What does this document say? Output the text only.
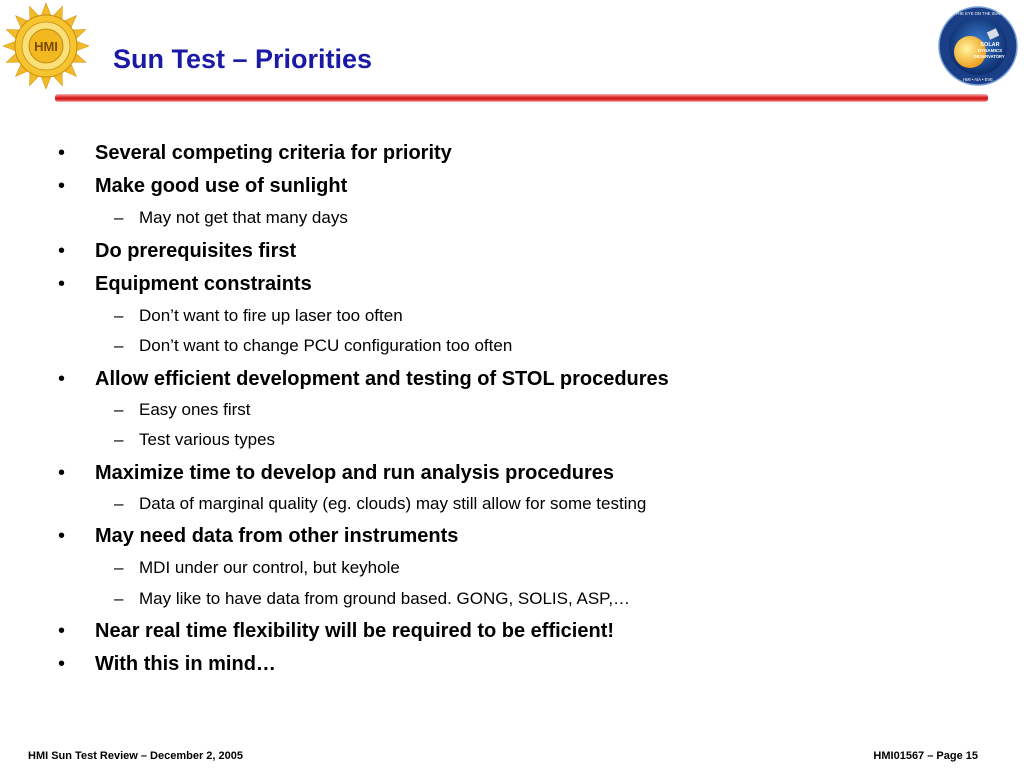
HMI
THE EYE ON THE SUN
SOLAR
DYNAMICS
OBSERVATORY
HMI • AIA • EVE
Sun Test – Priorities
• Several competing criteria for priority
• Make good use of sunlight
– May not get that many days
• Do prerequisites first
• Equipment constraints
– Don’t want to fire up laser too often
– Don’t want to change PCU configuration too often
• Allow efficient development and testing of STOL procedures
– Easy ones first
– Test various types
• Maximize time to develop and run analysis procedures
– Data of marginal quality (eg. clouds) may still allow for some testing
• May need data from other instruments
– MDI under our control, but keyhole
– May like to have data from ground based. GONG, SOLIS, ASP,…
• Near real time flexibility will be required to be efficient!
• With this in mind…
HMI Sun Test Review – December 2, 2005	HMI01567 – Page 15
